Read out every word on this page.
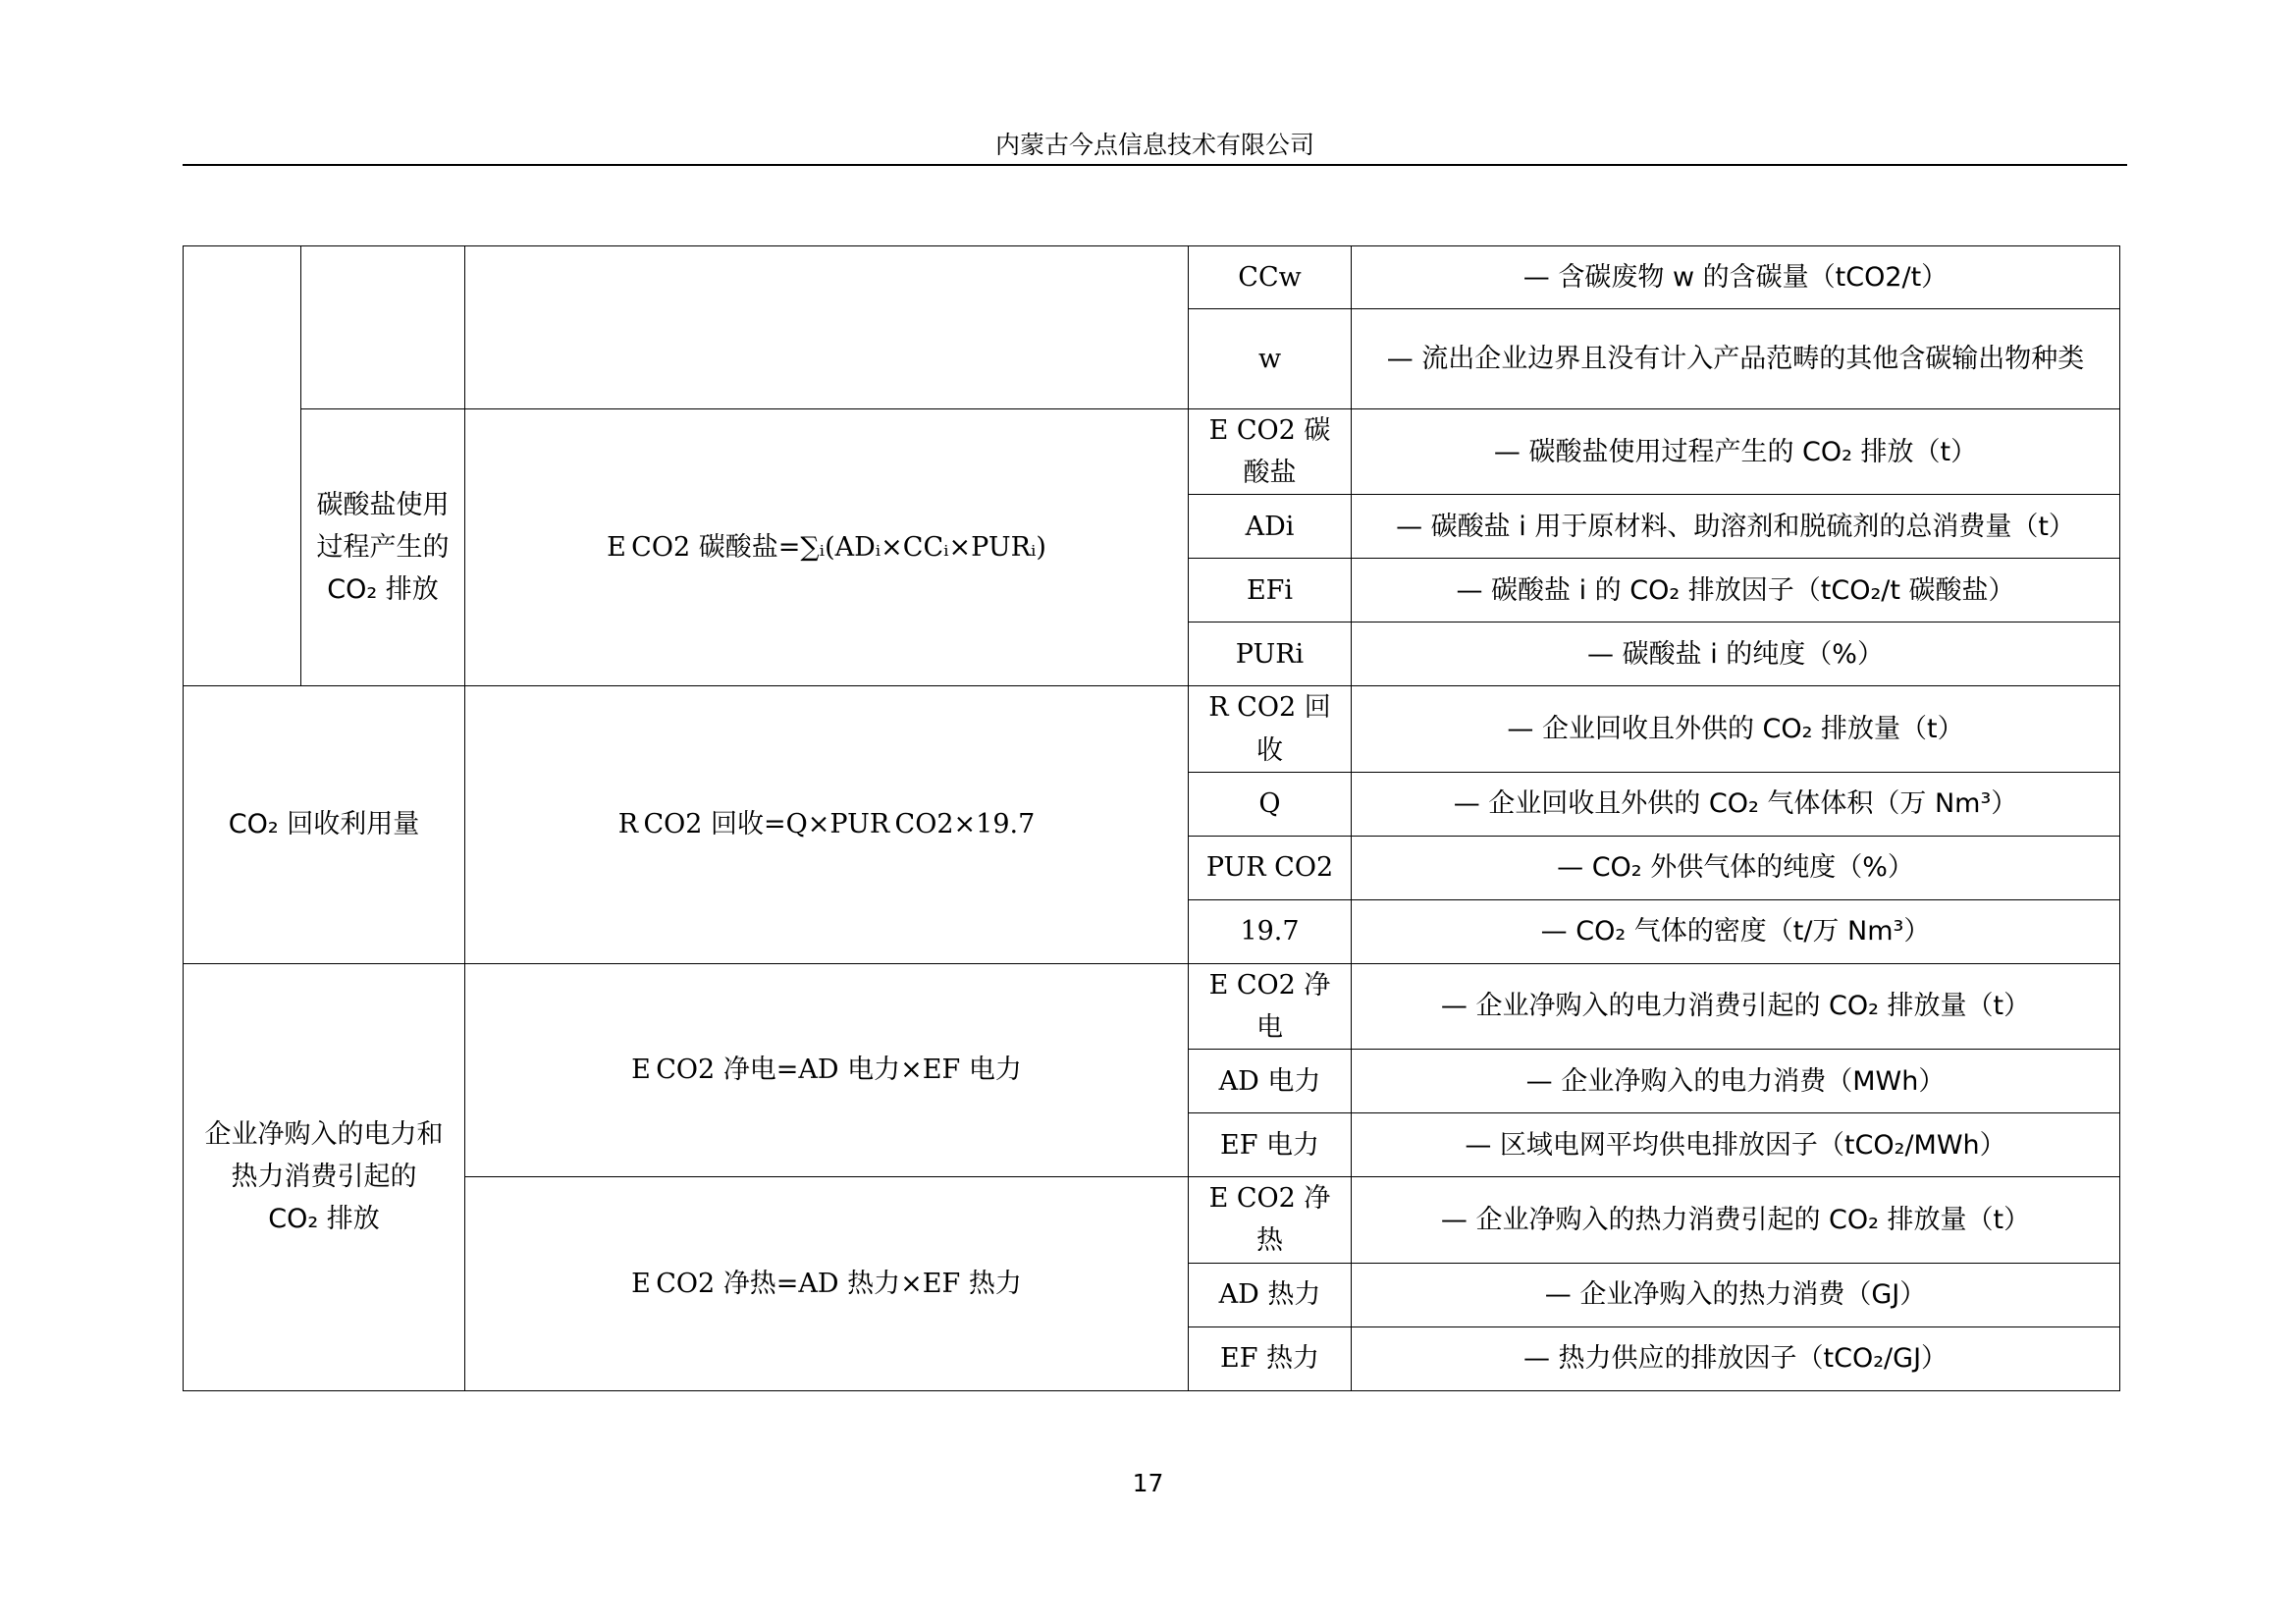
内蒙古今点信息技术有限公司
			CCw	— 含碳废物 w 的含碳量（tCO2/t）
			w	— 流出企业边界且没有计入产品范畴的其他含碳输出物种类
	碳酸盐使用过程产生的 CO₂ 排放	E CO2 碳酸盐=∑ᵢ(ADᵢ×CCᵢ×PURᵢ)	E CO2 碳酸盐	— 碳酸盐使用过程产生的 CO₂ 排放（t）
			ADi	— 碳酸盐 i 用于原材料、助溶剂和脱硫剂的总消费量（t）
			EFi	— 碳酸盐 i 的 CO₂ 排放因子（tCO₂/t 碳酸盐）
			PURi	— 碳酸盐 i 的纯度（%）
CO₂ 回收利用量		R CO2 回收=Q×PUR CO2×19.7	R CO2 回收	— 企业回收且外供的 CO₂ 排放量（t）
			Q	— 企业回收且外供的 CO₂ 气体体积（万 Nm³）
			PUR CO2	— CO₂ 外供气体的纯度（%）
			19.7	— CO₂ 气体的密度（t/万 Nm³）
企业净购入的电力和热力消费引起的 CO₂ 排放		E CO2 净电=AD 电力×EF 电力	E CO2 净电	— 企业净购入的电力消费引起的 CO₂ 排放量（t）
			AD 电力	— 企业净购入的电力消费（MWh）
			EF 电力	— 区域电网平均供电排放因子（tCO₂/MWh）
		E CO2 净热=AD 热力×EF 热力	E CO2 净热	— 企业净购入的热力消费引起的 CO₂ 排放量（t）
			AD 热力	— 企业净购入的热力消费（GJ）
			EF 热力	— 热力供应的排放因子（tCO₂/GJ）
17
